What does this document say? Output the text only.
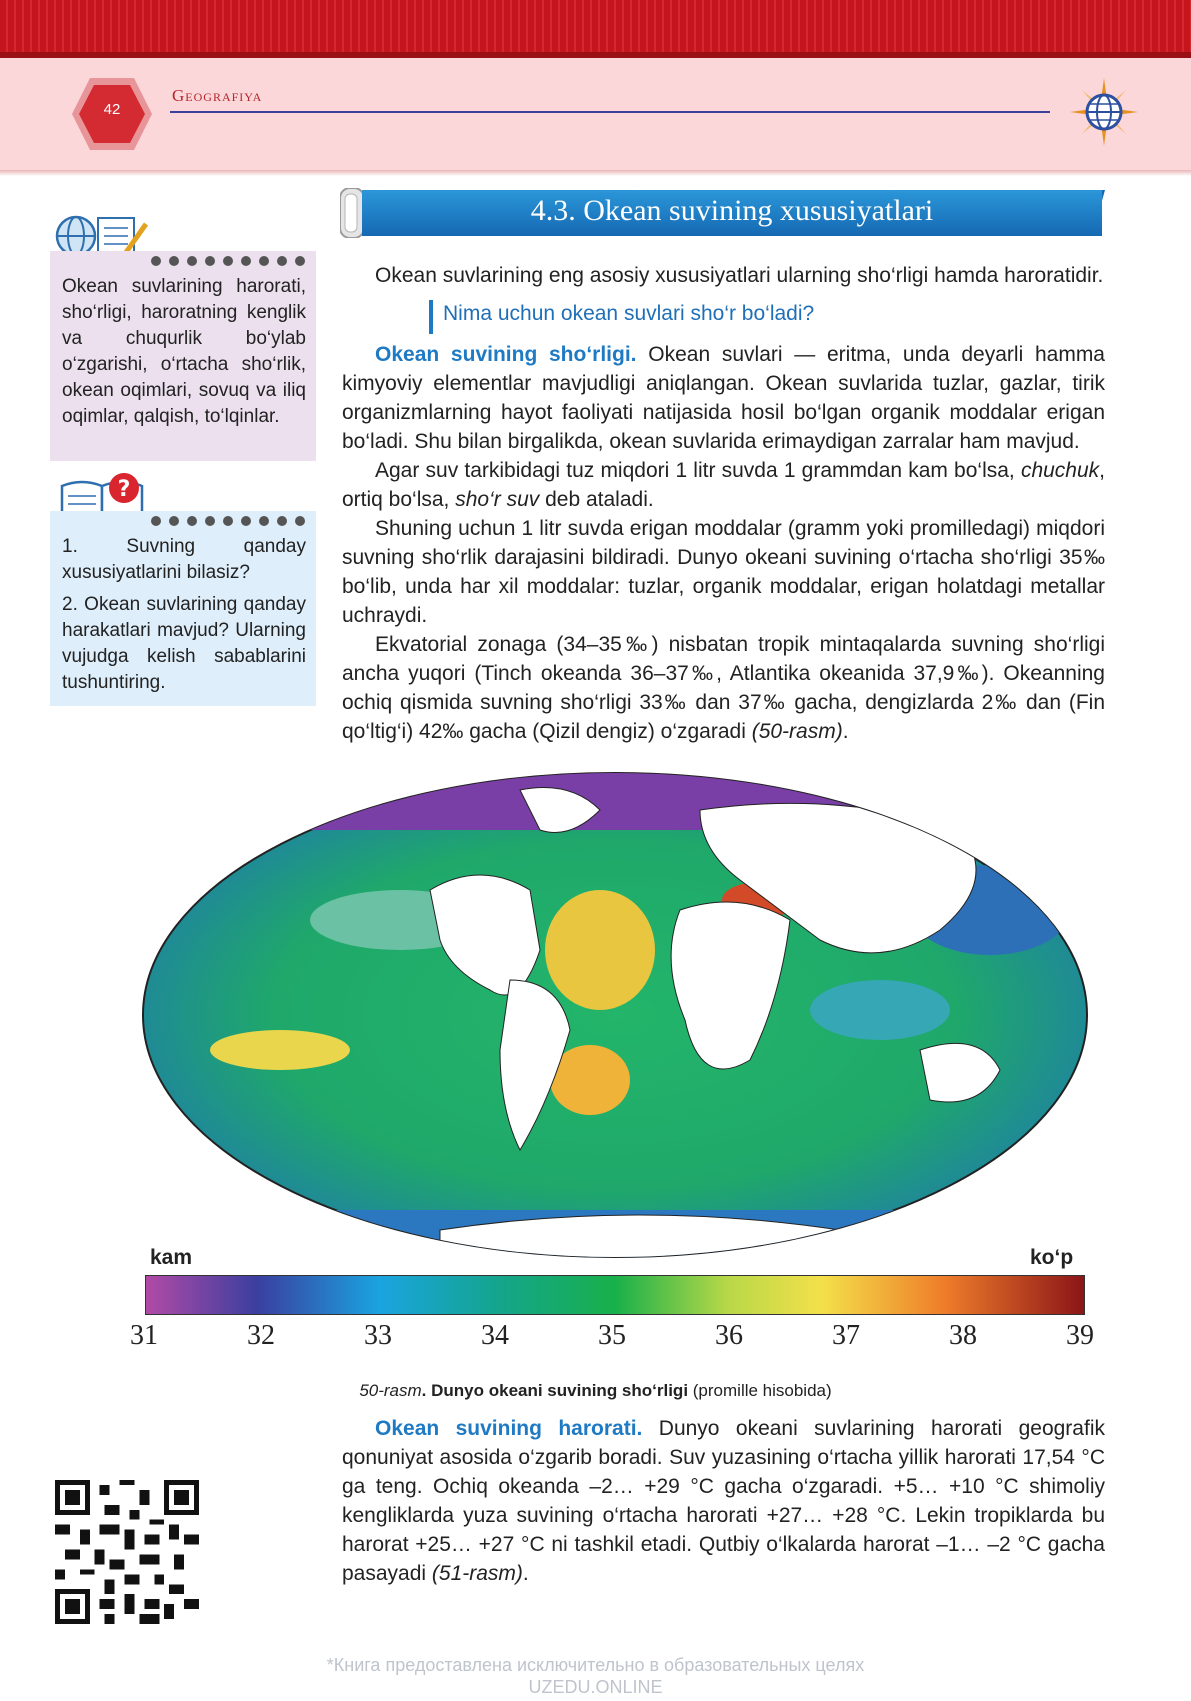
42
Geografiya
4.3. Okean suvining xususiyatlari
Okean suvlarining harorati, sho‘rligi, haroratning kenglik va chuqurlik bo‘ylab o‘zgarishi, o‘rtacha sho‘rlik, okean oqimlari, sovuq va iliq oqimlar, qalqish, to‘lqinlar.
?
1. Suvning qanday xususiyatlarini bilasiz?
2. Okean suvlarining qanday harakatlari mavjud? Ularning vujudga kelish sabablarini tushuntiring.
Okean suvlarining eng asosiy xususiyatlari ularning sho‘rligi hamda haroratidir.
Nima uchun okean suvlari sho‘r bo‘ladi?
Okean suvining sho‘rligi. Okean suvlari — eritma, unda deyarli hamma kimyoviy elementlar mavjudligi aniqlangan. Okean suvlarida tuzlar, gazlar, tirik organizmlarning hayot faoliyati natijasida hosil bo‘lgan organik moddalar erigan bo‘ladi. Shu bilan birgalikda, okean suvlarida erimaydigan zarralar ham mavjud.
Agar suv tarkibidagi tuz miqdori 1 litr suvda 1 grammdan kam bo‘lsa, chuchuk, ortiq bo‘lsa, sho‘r suv deb ataladi.
Shuning uchun 1 litr suvda erigan moddalar (gramm yoki promilledagi) miqdori suvning sho‘rlik darajasini bildiradi. Dunyo okeani suvining o‘rtacha sho‘rligi 35‰ bo‘lib, unda har xil moddalar: tuzlar, organik moddalar, erigan holatdagi metallar uchraydi.
Ekvatorial zonaga (34–35‰) nisbatan tropik mintaqalarda suvning sho‘rligi ancha yuqori (Tinch okeanda 36–37‰, Atlantika okeanida 37,9‰). Okeanning ochiq qismida suvning sho‘rligi 33‰ dan 37‰ gacha, dengizlarda 2‰ dan (Fin qo‘ltig‘i) 42‰ gacha (Qizil dengiz) o‘zgaradi (50-rasm).
kam	ko‘p
31	32	33	34	35	36	37	38	39
50-rasm. Dunyo okeani suvining sho‘rligi (promille hisobida)
Okean suvining harorati. Dunyo okeani suvlarining harorati geografik qonuniyat asosida o‘zgarib boradi. Suv yuzasining o‘rtacha yillik harorati 17,54 °C ga teng. Ochiq okeanda –2… +29 °C gacha o‘zgaradi. +5… +10 °C shimoliy kengliklarda yuza suvining o‘rtacha harorati +27… +28 °C. Lekin tropiklarda bu harorat +25… +27 °C ni tashkil etadi. Qutbiy o‘lkalarda harorat –1… –2 °C gacha pasayadi (51-rasm).
*Книга предоставлена исключительно в образовательных целях
UZEDU.ONLINE
